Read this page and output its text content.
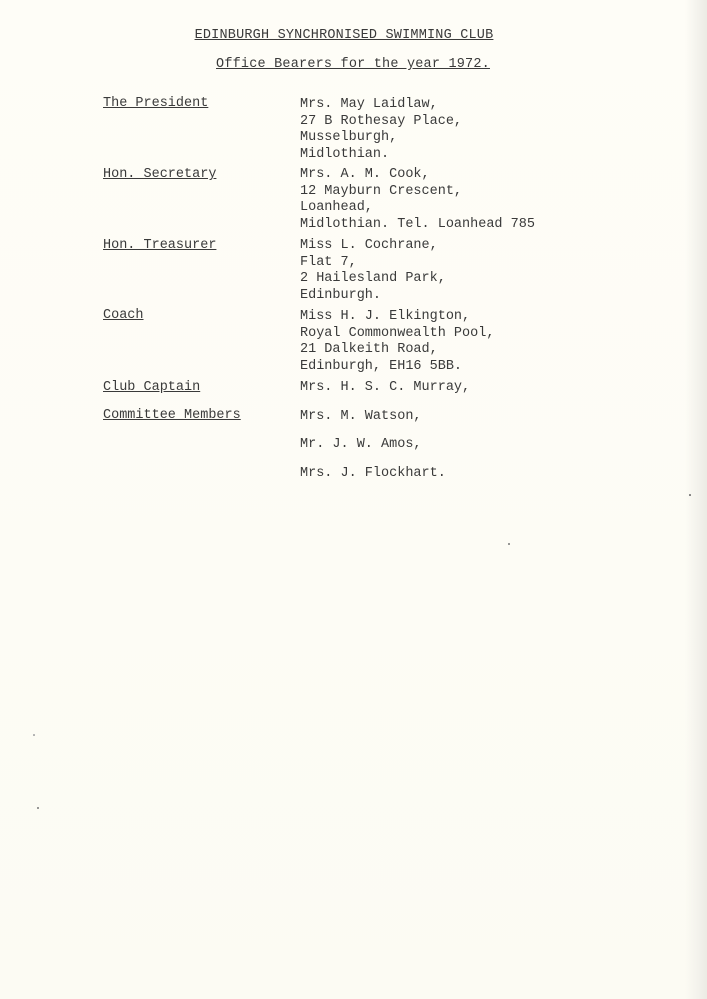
EDINBURGH SYNCHRONISED SWIMMING CLUB
Office Bearers for the year 1972.
The President	Mrs. May Laidlaw,
27 B Rothesay Place,
Musselburgh,
Midlothian.
Hon. Secretary	Mrs. A. M. Cook,
12 Mayburn Crescent,
Loanhead,
Midlothian. Tel. Loanhead 785
Hon. Treasurer	Miss L. Cochrane,
Flat 7,
2 Hailesland Park,
Edinburgh.
Coach	Miss H. J. Elkington,
Royal Commonwealth Pool,
21 Dalkeith Road,
Edinburgh, EH16 5BB.
Club Captain	Mrs. H. S. C. Murray,
Committee Members	Mrs. M. Watson,
Mr. J. W. Amos,
Mrs. J. Flockhart.
